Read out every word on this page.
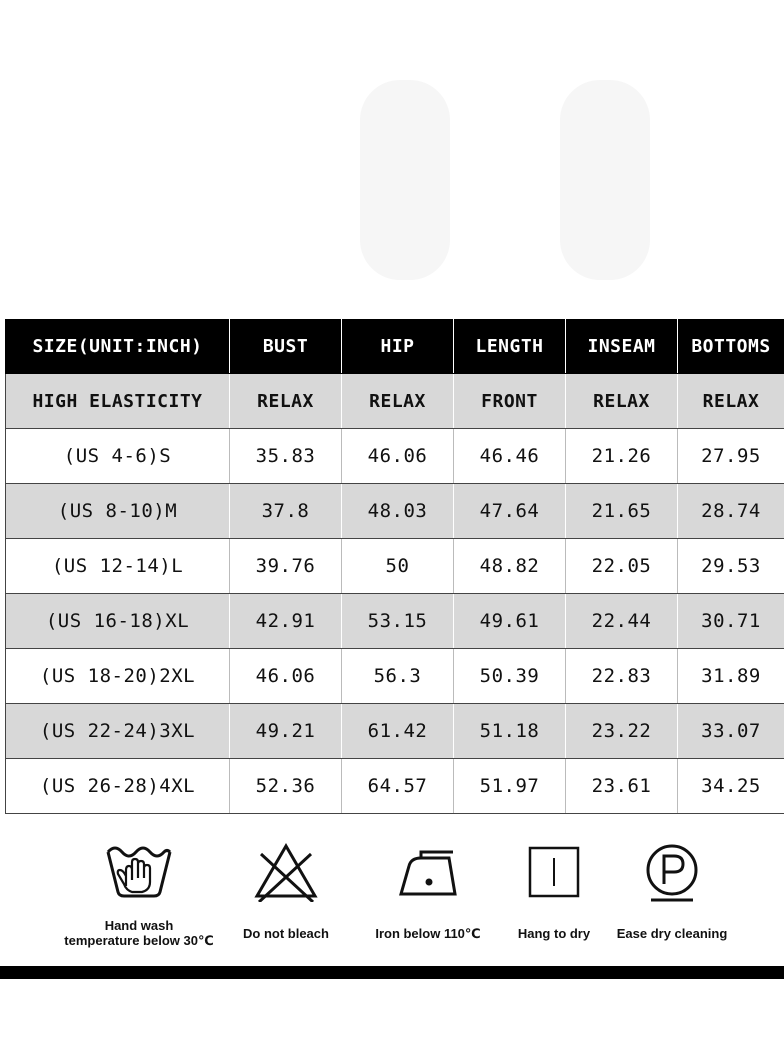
SIZE(UNIT:INCH)	BUST	HIP	LENGTH	INSEAM	BOTTOMS
HIGH ELASTICITY	RELAX	RELAX	FRONT	RELAX	RELAX
(US 4-6)S	35.83	46.06	46.46	21.26	27.95
(US 8-10)M	37.8	48.03	47.64	21.65	28.74
(US 12-14)L	39.76	50	48.82	22.05	29.53
(US 16-18)XL	42.91	53.15	49.61	22.44	30.71
(US 18-20)2XL	46.06	56.3	50.39	22.83	31.89
(US 22-24)3XL	49.21	61.42	51.18	23.22	33.07
(US 26-28)4XL	52.36	64.57	51.97	23.61	34.25
Hand wash
temperature below 30℃	Do not bleach	Iron below 110℃	Hang to dry	Ease dry cleaning
